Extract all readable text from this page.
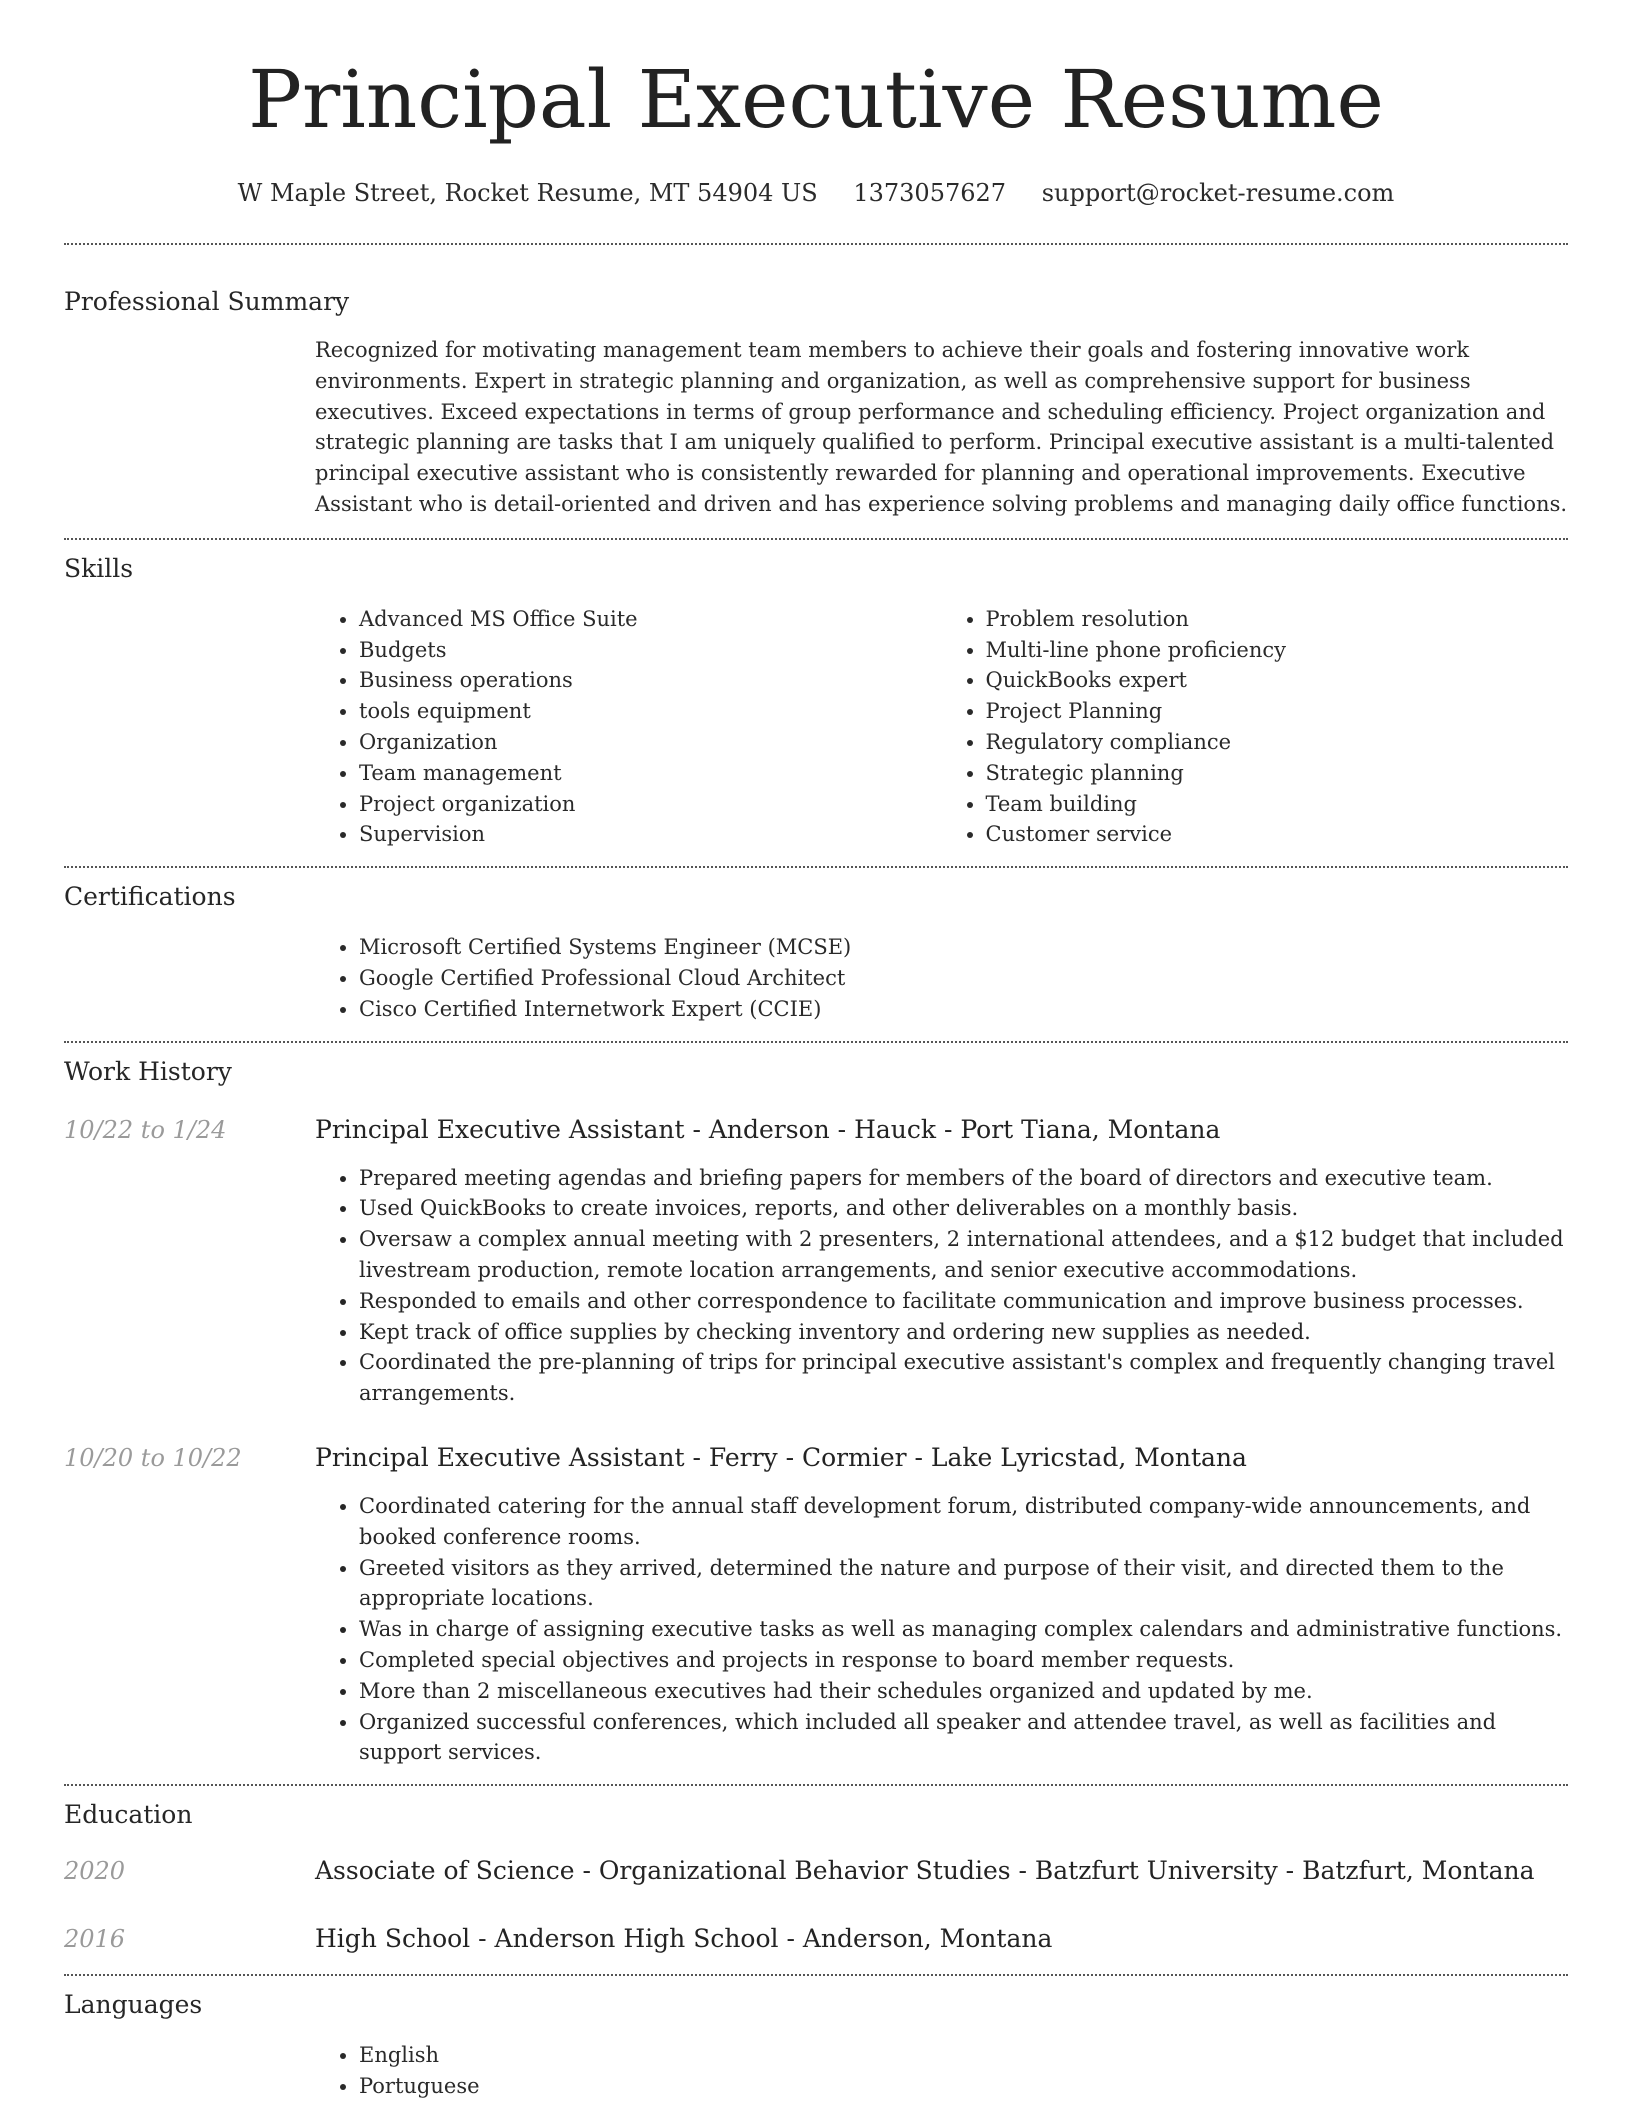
Principal Executive Resume
W Maple Street, Rocket Resume, MT 54904 US 1373057627 support@rocket-resume.com
Professional Summary
Recognized for motivating management team members to achieve their goals and fostering innovative work environments. Expert in strategic planning and organization, as well as comprehensive support for business executives. Exceed expectations in terms of group performance and scheduling efficiency. Project organization and strategic planning are tasks that I am uniquely qualified to perform. Principal executive assistant is a multi-talented principal executive assistant who is consistently rewarded for planning and operational improvements. Executive Assistant who is detail-oriented and driven and has experience solving problems and managing daily office functions.
Skills
• Advanced MS Office Suite
• Budgets
• Business operations
• tools equipment
• Organization
• Team management
• Project organization
• Supervision
• Problem resolution
• Multi-line phone proficiency
• QuickBooks expert
• Project Planning
• Regulatory compliance
• Strategic planning
• Team building
• Customer service
Certifications
• Microsoft Certified Systems Engineer (MCSE)
• Google Certified Professional Cloud Architect
• Cisco Certified Internetwork Expert (CCIE)
Work History
10/22 to 1/24	Principal Executive Assistant - Anderson - Hauck - Port Tiana, Montana
• Prepared meeting agendas and briefing papers for members of the board of directors and executive team.
• Used QuickBooks to create invoices, reports, and other deliverables on a monthly basis.
• Oversaw a complex annual meeting with 2 presenters, 2 international attendees, and a $12 budget that included livestream production, remote location arrangements, and senior executive accommodations.
• Responded to emails and other correspondence to facilitate communication and improve business processes.
• Kept track of office supplies by checking inventory and ordering new supplies as needed.
• Coordinated the pre-planning of trips for principal executive assistant's complex and frequently changing travel arrangements.
10/20 to 10/22	Principal Executive Assistant - Ferry - Cormier - Lake Lyricstad, Montana
• Coordinated catering for the annual staff development forum, distributed company-wide announcements, and booked conference rooms.
• Greeted visitors as they arrived, determined the nature and purpose of their visit, and directed them to the appropriate locations.
• Was in charge of assigning executive tasks as well as managing complex calendars and administrative functions.
• Completed special objectives and projects in response to board member requests.
• More than 2 miscellaneous executives had their schedules organized and updated by me.
• Organized successful conferences, which included all speaker and attendee travel, as well as facilities and support services.
Education
2020	Associate of Science - Organizational Behavior Studies - Batzfurt University - Batzfurt, Montana
2016	High School - Anderson High School - Anderson, Montana
Languages
• English
• Portuguese
